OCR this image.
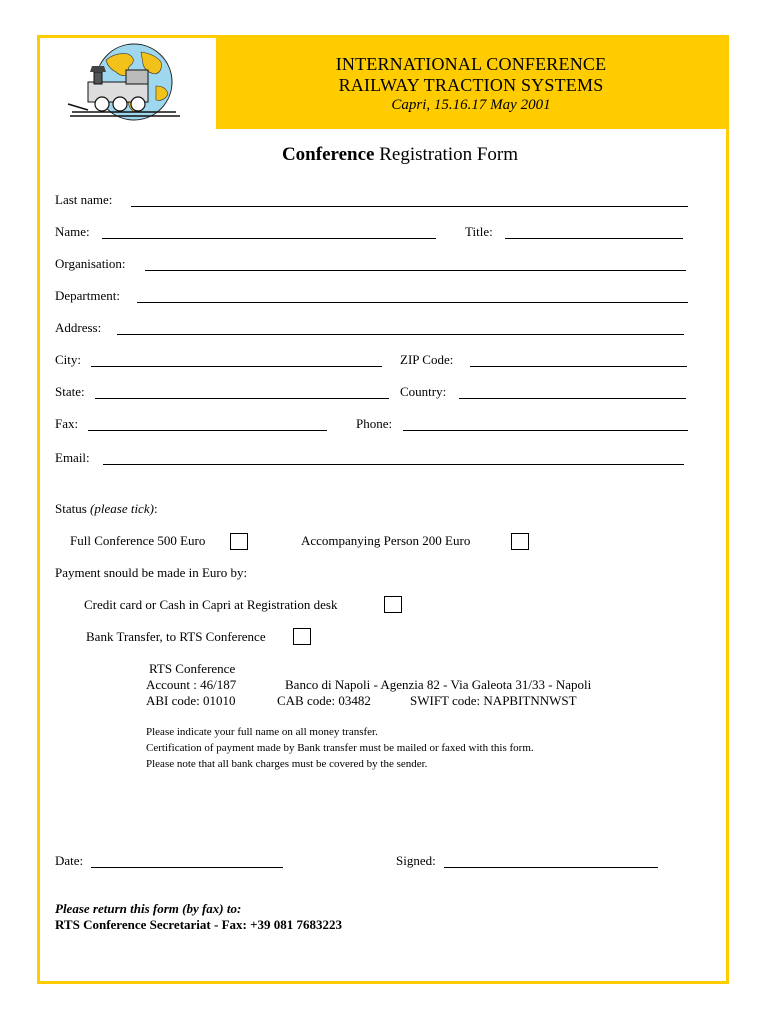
INTERNATIONAL CONFERENCE
RAILWAY TRACTION SYSTEMS
Capri, 15.16.17 May 2001
Conference Registration Form
Last name:
Name:	Title:
Organisation:
Department:
Address:
City:	ZIP Code:
State:	Country:
Fax:	Phone:
Email:
Status (please tick):
Full Conference 500 Euro	Accompanying Person 200 Euro
Payment snould be made in Euro by:
Credit card or Cash in Capri at Registration desk
Bank Transfer, to RTS Conference
RTS Conference
Account : 46/187	Banco di Napoli - Agenzia 82 - Via Galeota 31/33 - Napoli
ABI code: 01010	CAB code: 03482	SWIFT code: NAPBITNNWST
Please indicate your full name on all money transfer.
Certification of payment made by Bank transfer must be mailed or faxed with this form.
Please note that all bank charges must be covered by the sender.
Date:	Signed:
Please return this form (by fax) to:
RTS Conference Secretariat - Fax: +39 081 7683223
